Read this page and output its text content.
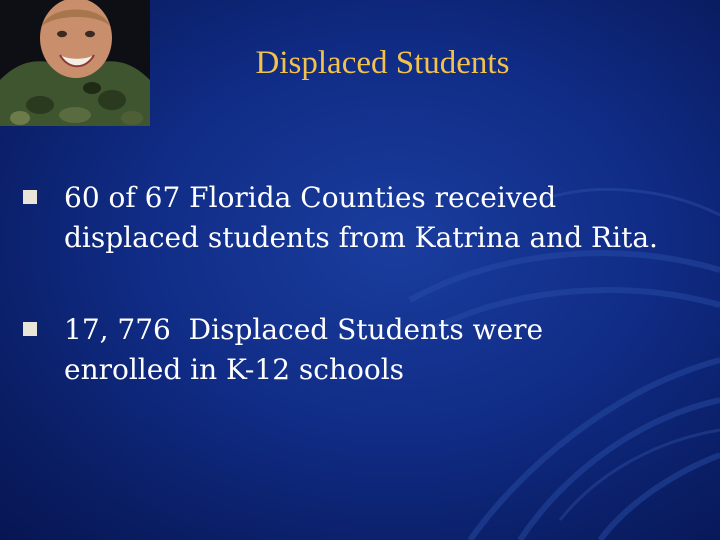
Displaced Students
60 of 67 Florida Counties received
displaced students from Katrina and Rita.
17, 776  Displaced Students were
enrolled in K-12 schools
